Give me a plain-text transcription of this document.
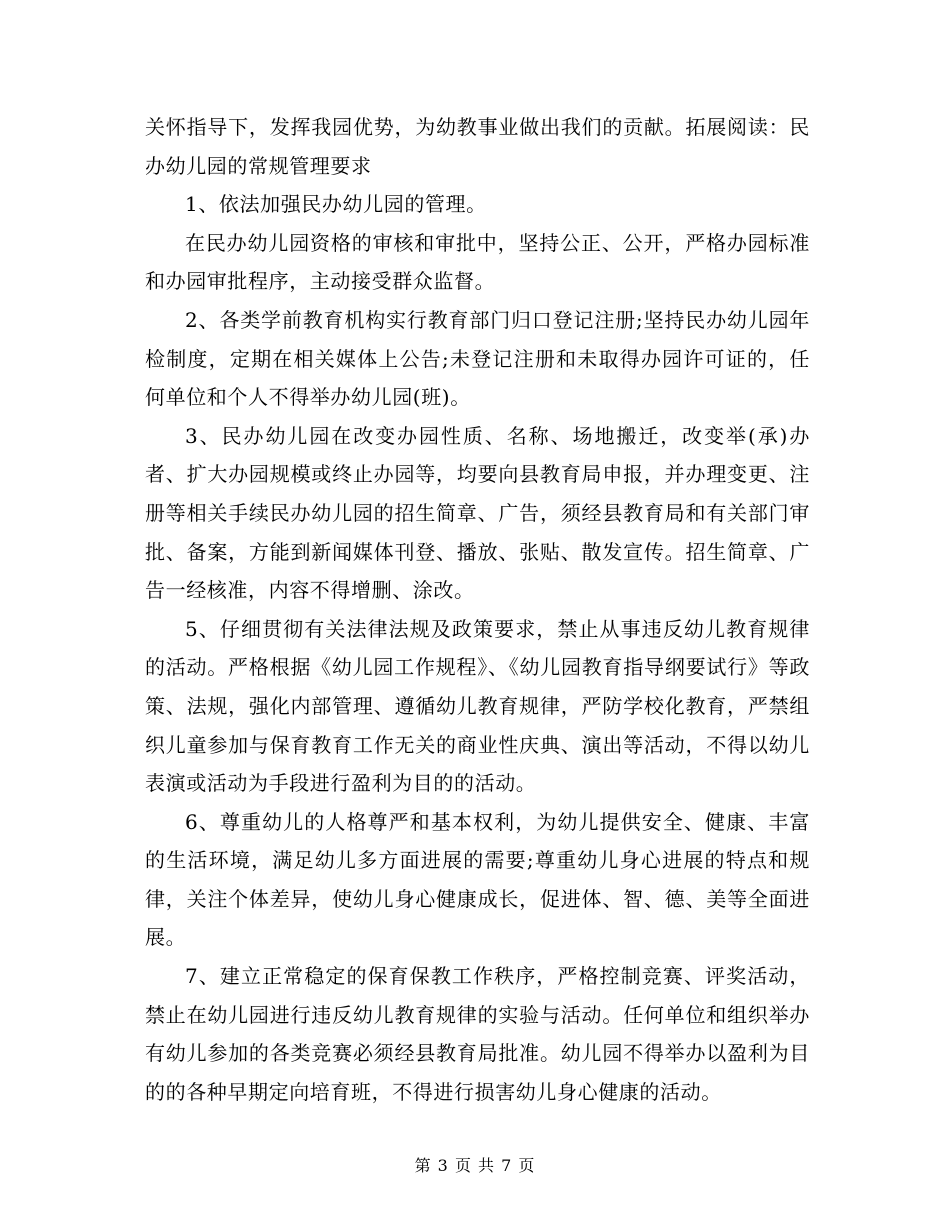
关怀指导下，发挥我园优势，为幼教事业做出我们的贡献。拓展阅读：民办幼儿园的常规管理要求

1、依法加强民办幼儿园的管理。

在民办幼儿园资格的审核和审批中，坚持公正、公开，严格办园标准和办园审批程序，主动接受群众监督。

2、各类学前教育机构实行教育部门归口登记注册;坚持民办幼儿园年检制度，定期在相关媒体上公告;未登记注册和未取得办园许可证的，任何单位和个人不得举办幼儿园(班)。

3、民办幼儿园在改变办园性质、名称、场地搬迁，改变举(承)办者、扩大办园规模或终止办园等，均要向县教育局申报，并办理变更、注册等相关手续民办幼儿园的招生简章、广告，须经县教育局和有关部门审批、备案，方能到新闻媒体刊登、播放、张贴、散发宣传。招生简章、广告一经核准，内容不得增删、涂改。

5、仔细贯彻有关法律法规及政策要求，禁止从事违反幼儿教育规律的活动。严格根据《幼儿园工作规程》、《幼儿园教育指导纲要试行》等政策、法规，强化内部管理、遵循幼儿教育规律，严防学校化教育，严禁组织儿童参加与保育教育工作无关的商业性庆典、演出等活动，不得以幼儿表演或活动为手段进行盈利为目的的活动。

6、尊重幼儿的人格尊严和基本权利，为幼儿提供安全、健康、丰富的生活环境，满足幼儿多方面进展的需要;尊重幼儿身心进展的特点和规律，关注个体差异，使幼儿身心健康成长，促进体、智、德、美等全面进展。

7、建立正常稳定的保育保教工作秩序，严格控制竞赛、评奖活动，禁止在幼儿园进行违反幼儿教育规律的实验与活动。任何单位和组织举办有幼儿参加的各类竞赛必须经县教育局批准。幼儿园不得举办以盈利为目的的各种早期定向培育班，不得进行损害幼儿身心健康的活动。

第 3 页 共 7 页
